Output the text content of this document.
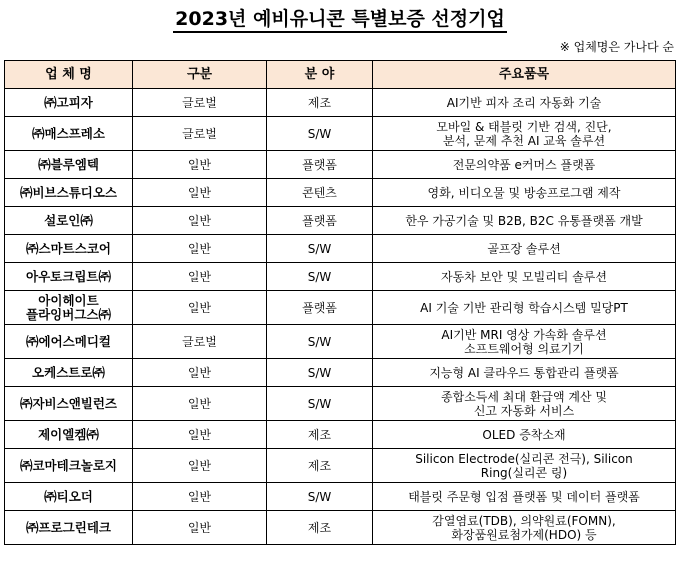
2023년 예비유니콘 특별보증 선정기업
※ 업체명은 가나다 순
업 체 명	구분	분 야	주요품목

㈜고피자	글로벌	제조	AI기반 피자 조리 자동화 기술

㈜매스프레소	글로벌	S/W	모바일 & 태블릿 기반 검색, 진단,
분석, 문제 추천 AI 교육 솔루션

㈜블루엠텍	일반	플랫폼	전문의약품 e커머스 플랫폼

㈜비브스튜디오스	일반	콘텐츠	영화, 비디오물 및 방송프로그램 제작

설로인㈜	일반	플랫폼	한우 가공기술 및 B2B, B2C 유통플랫폼 개발

㈜스마트스코어	일반	S/W	골프장 솔루션

아우토크립트㈜	일반	S/W	자동차 보안 및 모빌리티 솔루션

아이헤이트
플라잉버그스㈜	일반	플랫폼	AI 기술 기반 관리형 학습시스템 밀당PT

㈜에어스메디컬	글로벌	S/W	AI기반 MRI 영상 가속화 솔루션
소프트웨어형 의료기기

오케스트로㈜	일반	S/W	지능형 AI 클라우드 통합관리 플랫폼

㈜자비스앤빌런즈	일반	S/W	종합소득세 최대 환급액 계산 및
신고 자동화 서비스

제이엘켐㈜	일반	제조	OLED 증착소재

㈜코마테크놀로지	일반	제조	Silicon Electrode(실리콘 전극), Silicon
Ring(실리콘 링)

㈜티오더	일반	S/W	태블릿 주문형 입점 플랫폼 및 데이터 플랫폼

㈜프로그린테크	일반	제조	감열염료(TDB), 의약원료(FOMN),
화장품원료첨가제(HDO) 등
